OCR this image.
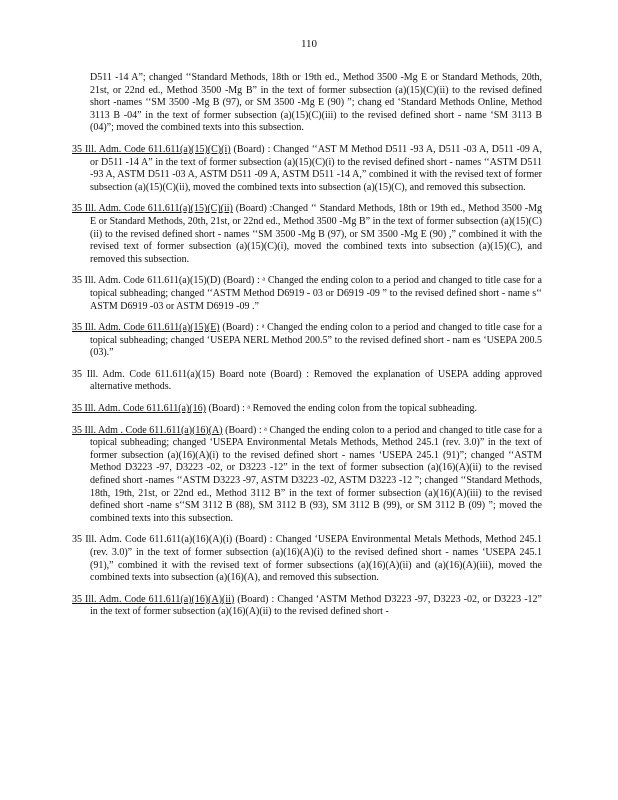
110

D511 -14 A”; changed ‘‘Standard Methods, 18th or 19th ed., Method 3500 -Mg E or Standard Methods, 20th, 21st, or 22nd ed., Method 3500 -Mg B” in the text of former subsection (a)(15)(C)(ii) to the revised defined short -names ‘‘SM 3500 -Mg B (97), or SM 3500 -Mg E (90) ”; chang ed ‘Standard Methods Online, Method 3113 B -04” in the text of former subsection (a)(15)(C)(iii) to the revised defined short - name ‘SM 3113 B (04)”; moved the combined texts into this subsection.

35 Ill. Adm. Code 611.611(a)(15)(C)(i) (Board) : Changed ‘‘AST M Method D511 -93 A, D511 -03 A, D511 -09 A, or D511 -14 A” in the text of former subsection (a)(15)(C)(i) to the revised defined short - names ‘‘ASTM D511 -93 A, ASTM D511 -03 A, ASTM D511 -09 A, ASTM D511 -14 A,” combined it with the revised text of former subsection (a)(15)(C)(ii), moved the combined texts into subsection (a)(15)(C), and removed this subsection.

35 Ill. Adm. Code 611.611(a)(15)(C)(ii) (Board) :Changed ‘‘ Standard Methods, 18th or 19th ed., Method 3500 -Mg E or Standard Methods, 20th, 21st, or 22nd ed., Method 3500 -Mg B” in the text of former subsection (a)(15)(C)(ii) to the revised defined short - names ‘‘SM 3500 -Mg B (97), or SM 3500 -Mg E (90) ,” combined it with the revised text of former subsection (a)(15)(C)(i), moved the combined texts into subsection (a)(15)(C), and removed this subsection.

35 Ill. Adm. Code 611.611(a)(15)(D) (Board) : ᵃ Changed the ending colon to a period and changed to title case for a topical subheading; changed ‘‘ASTM Method D6919 - 03 or D6919 -09 ” to the revised defined short - name s‘‘ ASTM D6919 -03 or ASTM D6919 -09 .”

35 Ill. Adm. Code 611.611(a)(15)(E) (Board) : ᵃ Changed the ending colon to a period and changed to title case for a topical subheading; changed ‘USEPA NERL Method 200.5” to the revised defined short - nam es ‘USEPA 200.5 (03).”

35 Ill. Adm. Code 611.611(a)(15) Board note (Board) : Removed the explanation of USEPA adding approved alternative methods.

35 Ill. Adm. Code 611.611(a)(16) (Board) : ᵃ Removed the ending colon from the topical subheading.

35 Ill. Adm . Code 611.611(a)(16)(A) (Board) : ᵃ Changed the ending colon to a period and changed to title case for a topical subheading; changed ‘USEPA Environmental Metals Methods, Method 245.1 (rev. 3.0)” in the text of former subsection (a)(16)(A)(i) to the revised defined short - names ‘USEPA 245.1 (91)”; changed ‘‘ASTM Method D3223 -97, D3223 -02, or D3223 -12” in the text of former subsection (a)(16)(A)(ii) to the revised defined short -names ‘‘ASTM D3223 -97, ASTM D3223 -02, ASTM D3223 -12 ”; changed ‘‘Standard Methods, 18th, 19th, 21st, or 22nd ed., Method 3112 B” in the text of former subsection (a)(16)(A)(iii) to the revised defined short -name s‘‘SM 3112 B (88), SM 3112 B (93), SM 3112 B (99), or SM 3112 B (09) ”; moved the combined texts into this subsection.

35 Ill. Adm. Code 611.611(a)(16)(A)(i) (Board) : Changed ‘USEPA Environmental Metals Methods, Method 245.1 (rev. 3.0)” in the text of former subsection (a)(16)(A)(i) to the revised defined short - names ‘USEPA 245.1 (91),” combined it with the revised text of former subsections (a)(16)(A)(ii) and (a)(16)(A)(iii), moved the combined texts into subsection (a)(16)(A), and removed this subsection.

35 Ill. Adm. Code 611.611(a)(16)(A)(ii) (Board) : Changed ‘ASTM Method D3223 -97, D3223 -02, or D3223 -12” in the text of former subsection (a)(16)(A)(ii) to the revised defined short -
